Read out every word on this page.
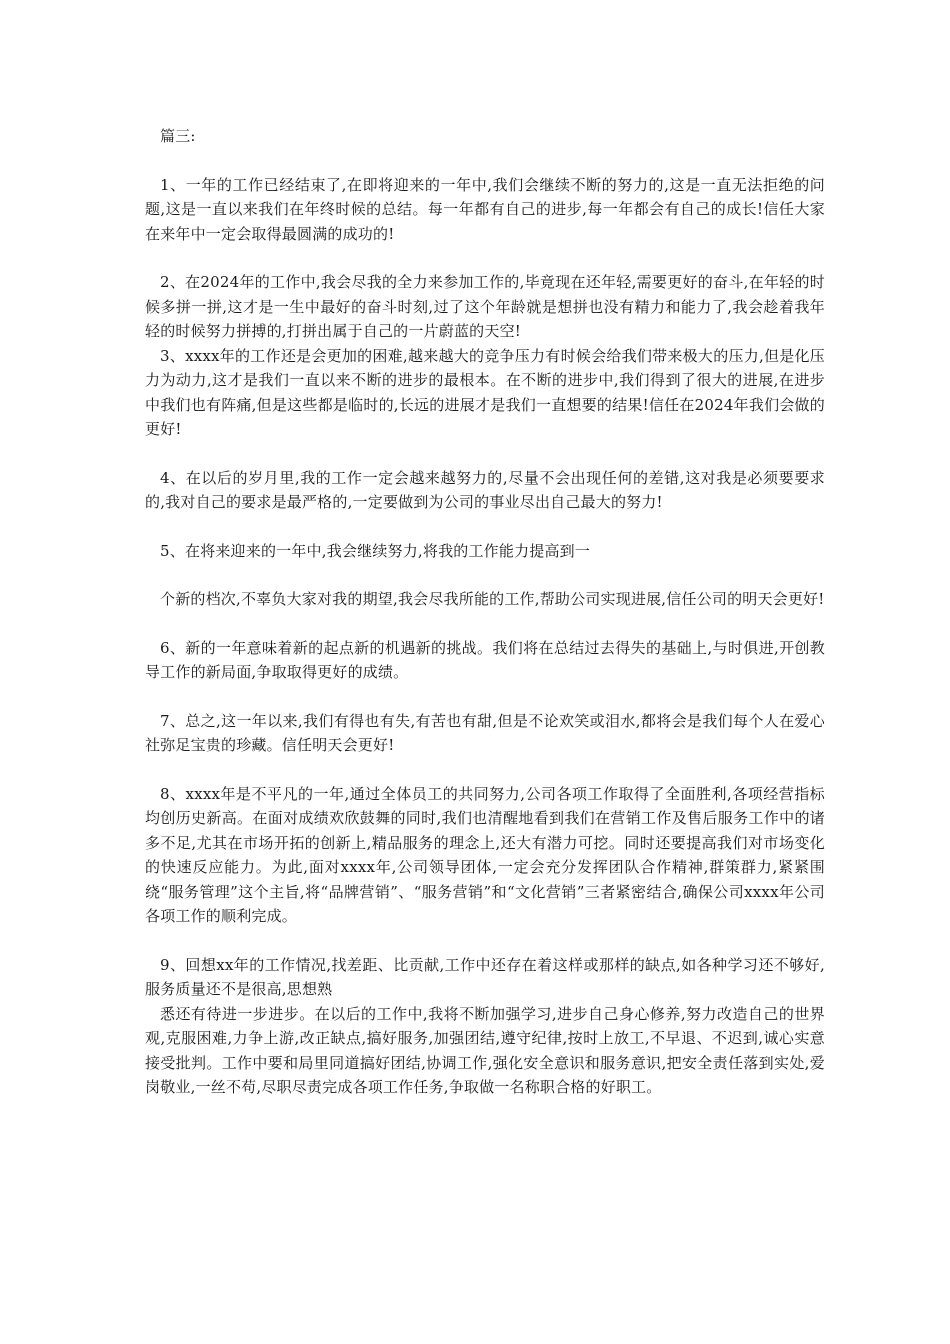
篇三:

1、一年的工作已经结束了,在即将迎来的一年中,我们会继续不断的努力的,这是一直无法拒绝的问题,这是一直以来我们在年终时候的总结。每一年都有自己的进步,每一年都会有自己的成长!信任大家在来年中一定会取得最圆满的成功的!

2、在2024年的工作中,我会尽我的全力来参加工作的,毕竟现在还年轻,需要更好的奋斗,在年轻的时候多拼一拼,这才是一生中最好的奋斗时刻,过了这个年龄就是想拼也没有精力和能力了,我会趁着我年轻的时候努力拼搏的,打拼出属于自己的一片蔚蓝的天空!

3、xxxx年的工作还是会更加的困难,越来越大的竞争压力有时候会给我们带来极大的压力,但是化压力为动力,这才是我们一直以来不断的进步的最根本。在不断的进步中,我们得到了很大的进展,在进步中我们也有阵痛,但是这些都是临时的,长远的进展才是我们一直想要的结果!信任在2024年我们会做的更好!

4、在以后的岁月里,我的工作一定会越来越努力的,尽量不会出现任何的差错,这对我是必须要要求的,我对自己的要求是最严格的,一定要做到为公司的事业尽出自己最大的努力!

5、在将来迎来的一年中,我会继续努力,将我的工作能力提高到一

个新的档次,不辜负大家对我的期望,我会尽我所能的工作,帮助公司实现进展,信任公司的明天会更好!

6、新的一年意味着新的起点新的机遇新的挑战。我们将在总结过去得失的基础上,与时俱进,开创教导工作的新局面,争取取得更好的成绩。

7、总之,这一年以来,我们有得也有失,有苦也有甜,但是不论欢笑或泪水,都将会是我们每个人在爱心社弥足宝贵的珍藏。信任明天会更好!

8、xxxx年是不平凡的一年,通过全体员工的共同努力,公司各项工作取得了全面胜利,各项经营指标均创历史新高。在面对成绩欢欣鼓舞的同时,我们也清醒地看到我们在营销工作及售后服务工作中的诸多不足,尤其在市场开拓的创新上,精品服务的理念上,还大有潜力可挖。同时还要提高我们对市场变化的快速反应能力。为此,面对xxxx年,公司领导团体,一定会充分发挥团队合作精神,群策群力,紧紧围绕“服务管理”这个主旨,将“品牌营销”、“服务营销”和“文化营销”三者紧密结合,确保公司xxxx年公司各项工作的顺利完成。

9、回想xx年的工作情况,找差距、比贡献,工作中还存在着这样或那样的缺点,如各种学习还不够好,服务质量还不是很高,思想熟

悉还有待进一步进步。在以后的工作中,我将不断加强学习,进步自己身心修养,努力改造自己的世界观,克服困难,力争上游,改正缺点,搞好服务,加强团结,遵守纪律,按时上放工,不早退、不迟到,诚心实意接受批判。工作中要和局里同道搞好团结,协调工作,强化安全意识和服务意识,把安全责任落到实处,爱岗敬业,一丝不苟,尽职尽责完成各项工作任务,争取做一名称职合格的好职工。
